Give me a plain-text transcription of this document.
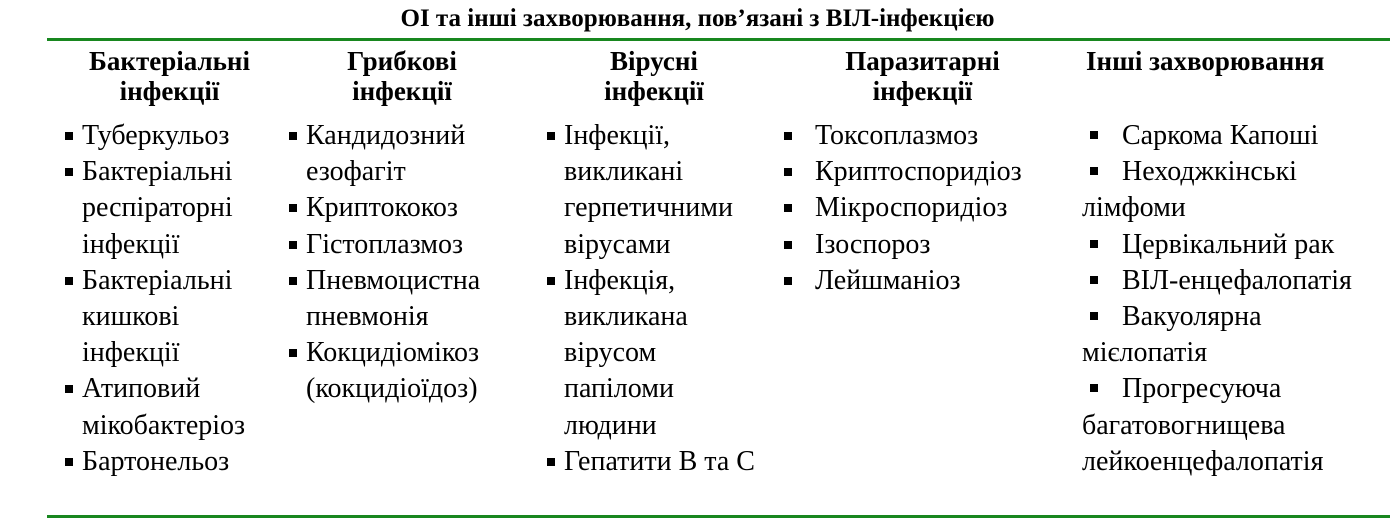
ОІ та інші захворювання, пов’язані з ВІЛ-інфекцією
Бактеріальні інфекції
Туберкульоз
Бактеріальні респіраторні інфекції
Бактеріальні кишкові інфекції
Атиповий мікобактеріоз
Бартонельоз
Грибкові інфекції
Кандидозний езофагіт
Криптококоз
Гістоплазмоз
Пневмоцистна пневмонія
Кокцидіомікоз (кокцидіоїдоз)
Вірусні інфекції
Інфекції, викликані герпетичними вірусами
Інфекція, викликана вірусом папіломи людини
Гепатити В та С
Паразитарні інфекції
Токсоплазмоз
Криптоспоридіоз
Мікроспоридіоз
Ізоспороз
Лейшманіоз
Інші захворювання
Саркома Капоші
Неходжкінські лімфоми
Цервікальний рак
ВІЛ-енцефалопатія
Вакуолярна мієлопатія
Прогресуюча багатовогнищева лейкоенцефалопатія
